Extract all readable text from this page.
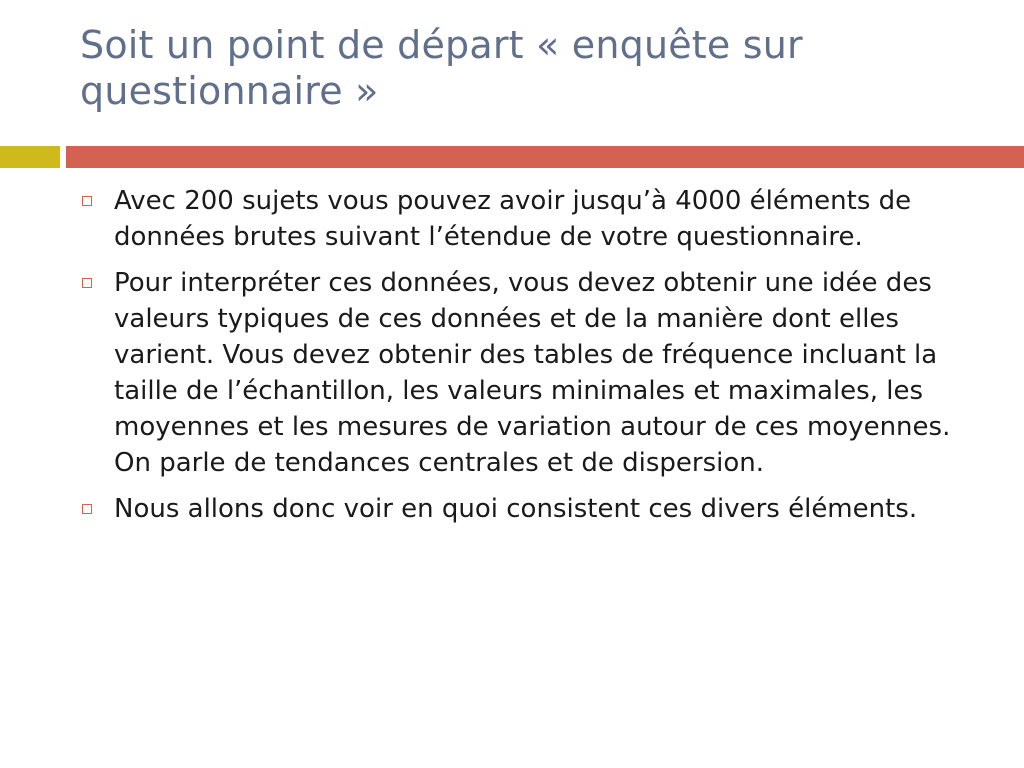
Soit un point de départ « enquête sur questionnaire »
Avec 200 sujets vous pouvez avoir jusqu’à 4000 éléments de données brutes suivant l’étendue de votre questionnaire.
Pour interpréter ces données, vous devez obtenir une idée des valeurs typiques de ces données et de la manière dont elles varient. Vous devez obtenir des tables de fréquence incluant la taille de l’échantillon, les valeurs minimales et maximales, les moyennes et les mesures de variation autour de ces moyennes. On parle de tendances centrales et de dispersion.
Nous allons donc voir en quoi consistent ces divers éléments.
